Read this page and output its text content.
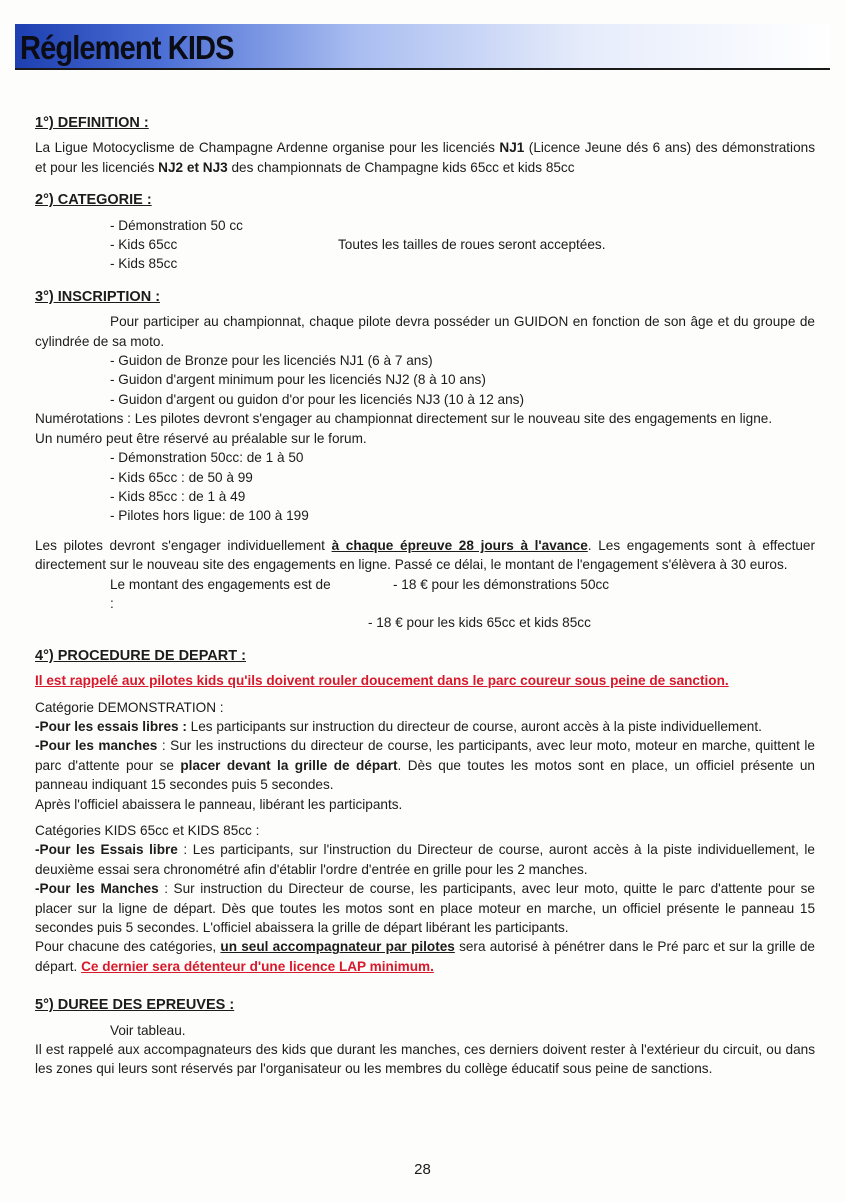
Réglement KIDS

1°) DEFINITION :

La Ligue Motocyclisme de Champagne Ardenne organise pour les licenciés NJ1 (Licence Jeune dés 6 ans) des démonstrations et pour les licenciés NJ2 et NJ3 des championnats de Champagne kids 65cc et kids 85cc

2°) CATEGORIE :

- Démonstration 50 cc

- Kids 65cc	Toutes les tailles de roues seront acceptées.

- Kids 85cc

3°) INSCRIPTION :

Pour participer au championnat, chaque pilote devra posséder un GUIDON en fonction de son âge et du groupe de cylindrée de sa moto.

- Guidon de Bronze pour les licenciés NJ1 (6 à 7 ans)

- Guidon d'argent minimum pour les licenciés NJ2 (8 à 10 ans)

- Guidon d'argent ou guidon d'or pour les licenciés NJ3 (10 à 12 ans)

Numérotations : Les pilotes devront s'engager au championnat directement sur le nouveau site des engagements en ligne.

Un numéro peut être réservé au préalable sur le forum.

- Démonstration 50cc: de 1 à 50

- Kids 65cc : de 50 à 99

- Kids 85cc : de 1 à 49

- Pilotes hors ligue: de 100 à 199

Les pilotes devront s'engager individuellement à chaque épreuve 28 jours à l'avance. Les engagements sont à effectuer directement sur le nouveau site des engagements en ligne. Passé ce délai, le montant de l'engagement s'élèvera à 30 euros.

Le montant des engagements est de :
- 18 € pour les démonstrations 50cc

- 18 € pour les kids 65cc et kids 85cc

4°) PROCEDURE DE DEPART :

Il est rappelé aux pilotes kids qu'ils doivent rouler doucement dans le parc coureur sous peine de sanction.

Catégorie DEMONSTRATION :

-Pour les essais libres : Les participants sur instruction du directeur de course, auront accès à la piste individuellement.

-Pour les manches : Sur les instructions du directeur de course, les participants, avec leur moto, moteur en marche, quittent le parc d'attente pour se placer devant la grille de départ. Dès que toutes les motos sont en place, un officiel présente un panneau indiquant 15 secondes puis 5 secondes.

Après l'officiel abaissera le panneau, libérant les participants.

Catégories KIDS 65cc et KIDS 85cc :

-Pour les Essais libre : Les participants, sur l'instruction du Directeur de course, auront accès à la piste individuellement, le deuxième essai sera chronométré afin d'établir l'ordre d'entrée en grille pour les 2 manches.

-Pour les Manches : Sur instruction du Directeur de course, les participants, avec leur moto, quitte le parc d'attente pour se placer sur la ligne de départ. Dès que toutes les motos sont en place moteur en marche, un officiel présente le panneau 15 secondes puis 5 secondes. L'officiel abaissera la grille de départ libérant les participants.

Pour chacune des catégories, un seul accompagnateur par pilotes sera autorisé à pénétrer dans le Pré parc et sur la grille de départ. Ce dernier sera détenteur d'une licence LAP minimum.

5°) DUREE DES EPREUVES :

Voir tableau.

Il est rappelé aux accompagnateurs des kids que durant les manches, ces derniers doivent rester à l'extérieur du circuit, ou dans les zones qui leurs sont réservés par l'organisateur ou les membres du collège éducatif sous peine de sanctions.

28
